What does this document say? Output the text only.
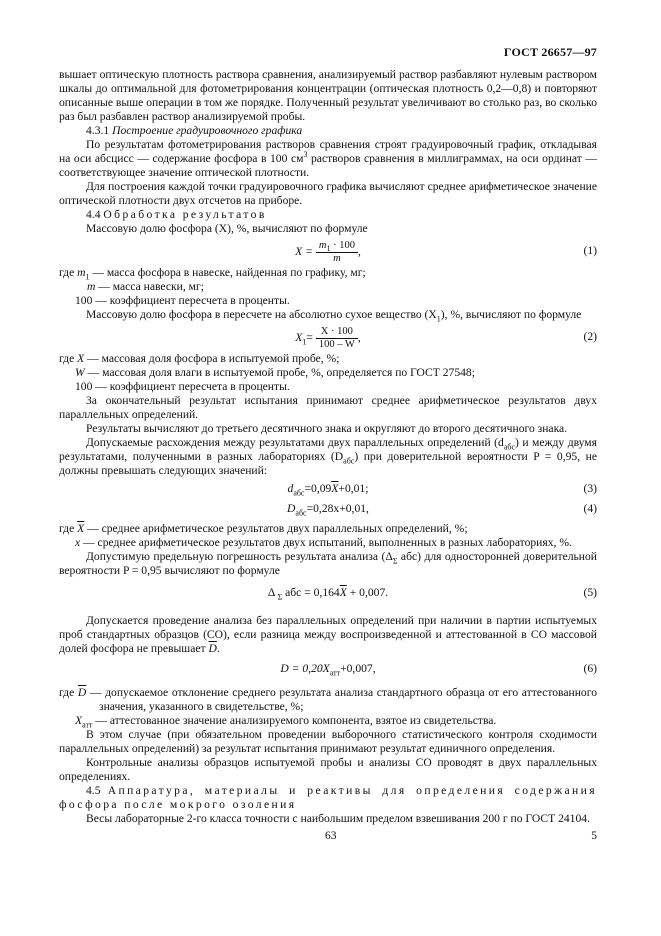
ГОСТ 26657—97

вышает оптическую плотность раствора сравнения, анализируемый раствор разбавляют нулевым раствором шкалы до оптимальной для фотометрирования концентрации (оптическая плотность 0,2—0,8) и повторяют описанные выше операции в том же порядке. Полученный результат увеличивают во столько раз, во сколько раз был разбавлен раствор анализируемой пробы.

4.3.1 Построение градуировочного графика

По результатам фотометрирования растворов сравнения строят градуировочный график, откладывая на оси абсцисс — содержание фосфора в 100 $см^3$ растворов сравнения в миллиграммах, на оси ординат — соответствующее значение оптической плотности.

Для построения каждой точки градуировочного графика вычисляют среднее арифметическое значение оптической плотности двух отсчетов на приборе.

4.4 Обработка результатов

Массовую долю фосфора (X), %, вычисляют по формуле

$X = \frac{m_1 \cdot 100}{m}$ ,	(1)

где $m_1$ — масса фосфора в навеске, найденная по графику, мг;

m — масса навески, мг;

100 — коэффициент пересчета в проценты.

Массовую долю фосфора в пересчете на абсолютно сухое вещество $(X_1)$, %, вычисляют по формуле

$X_1= \frac{X \cdot 100}{100 - W}$ ,	(2)

где X — массовая доля фосфора в испытуемой пробе, %;

W — массовая доля влаги в испытуемой пробе, %, определяется по ГОСТ 27548;

100 — коэффициент пересчета в проценты.

За окончательный результат испытания принимают среднее арифметическое результатов двух параллельных определений.

Результаты вычисляют до третьего десятичного знака и округляют до второго десятичного знака.

Допускаемые расхождения между результатами двух параллельных определений $(d_{абс})$ и между двумя результатами, полученными в разных лабораториях $(D_{абс})$ при доверительной вероятности P = 0,95, не должны превышать следующих значений:

$d_{абс}=0,09\overline{X}+0,01$;	(3)
$D_{абс}=0,28x+0,01$,	(4)

где $\overline{X}$ — среднее арифметическое результатов двух параллельных определений, %;

x — среднее арифметическое результатов двух испытаний, выполненных в разных лабораториях, %.

Допустимую предельную погрешность результата анализа ($\Delta_\Sigma$ абс) для односторонней доверительной вероятности P = 0,95 вычисляют по формуле

Δ $_\Sigma$ абс = $0,164\overline{X} + 0,007$.	(5)

Допускается проведение анализа без параллельных определений при наличии в партии испытуемых проб стандартных образцов (СО), если разница между воспроизведенной и аттестованной в СО массовой долей фосфора не превышает $\overline{D}$.

$D = 0,20X_{атт}+0,007$,	(6)

где $\overline{D}$ — допускаемое отклонение среднего результата анализа стандартного образца от его аттестованного значения, указанного в свидетельстве, %;

$X_{атт}$ — аттестованное значение анализируемого компонента, взятое из свидетельства.

В этом случае (при обязательном проведении выборочного статистического контроля сходимости параллельных определений) за результат испытания принимают результат единичного определения.

Контрольные анализы образцов испытуемой пробы и анализы СО проводят в двух параллельных определениях.

4.5 Аппаратура, материалы и реактивы для определения содержания фосфора после мокрого озоления

Весы лабораторные 2-го класса точности с наибольшим пределом взвешивания 200 г по ГОСТ 24104.

63	5
